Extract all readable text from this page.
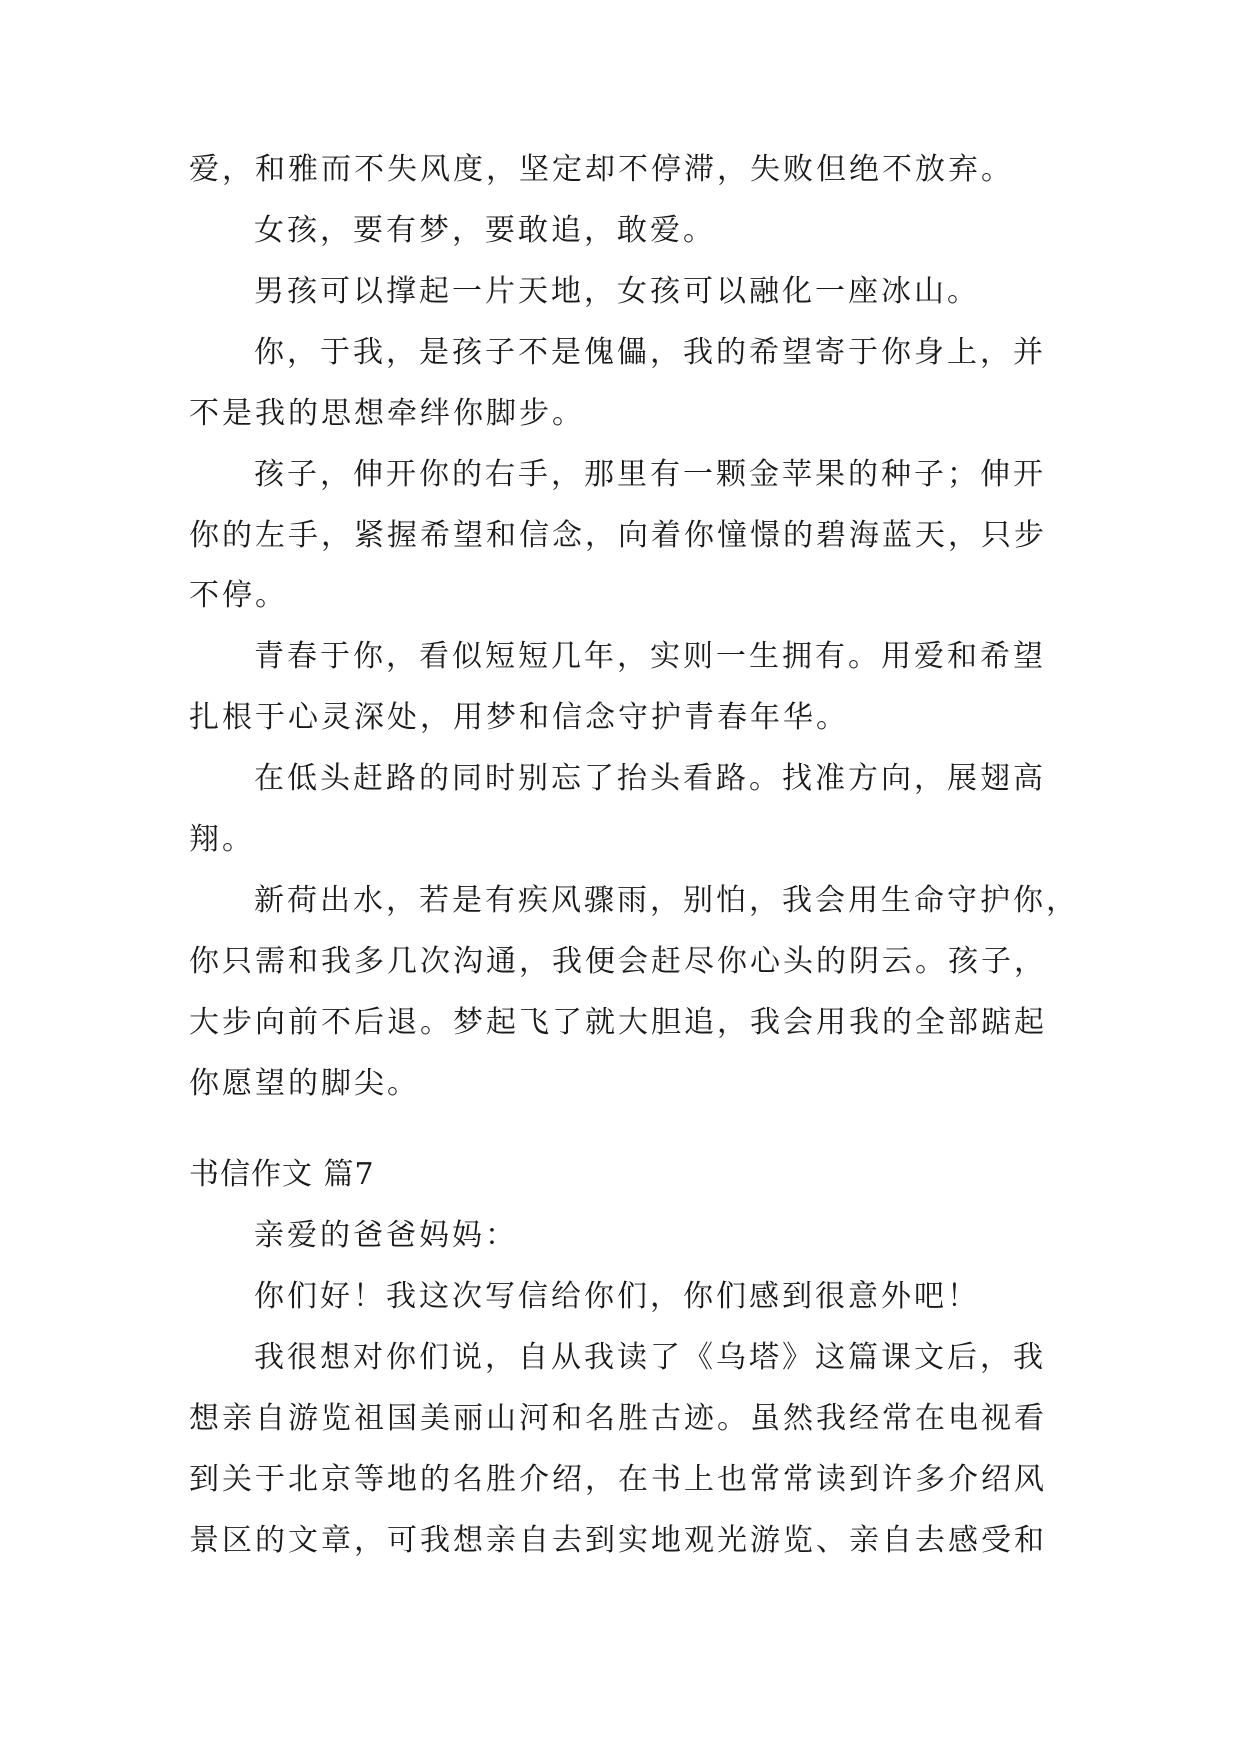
爱，和雅而不失风度，坚定却不停滞，失败但绝不放弃。
女孩，要有梦，要敢追，敢爱。
男孩可以撑起一片天地，女孩可以融化一座冰山。
你，于我，是孩子不是傀儡，我的希望寄于你身上，并
不是我的思想牵绊你脚步。
孩子，伸开你的右手，那里有一颗金苹果的种子；伸开
你的左手，紧握希望和信念，向着你憧憬的碧海蓝天，只步
不停。
青春于你，看似短短几年，实则一生拥有。用爱和希望
扎根于心灵深处，用梦和信念守护青春年华。
在低头赶路的同时别忘了抬头看路。找准方向，展翅高
翔。
新荷出水，若是有疾风骤雨，别怕，我会用生命守护你，
你只需和我多几次沟通，我便会赶尽你心头的阴云。孩子，
大步向前不后退。梦起飞了就大胆追，我会用我的全部踮起
你愿望的脚尖。
书信作文 篇7
亲爱的爸爸妈妈：
你们好！我这次写信给你们，你们感到很意外吧！
我很想对你们说，自从我读了《乌塔》这篇课文后，我
想亲自游览祖国美丽山河和名胜古迹。虽然我经常在电视看
到关于北京等地的名胜介绍，在书上也常常读到许多介绍风
景区的文章，可我想亲自去到实地观光游览、亲自去感受和
